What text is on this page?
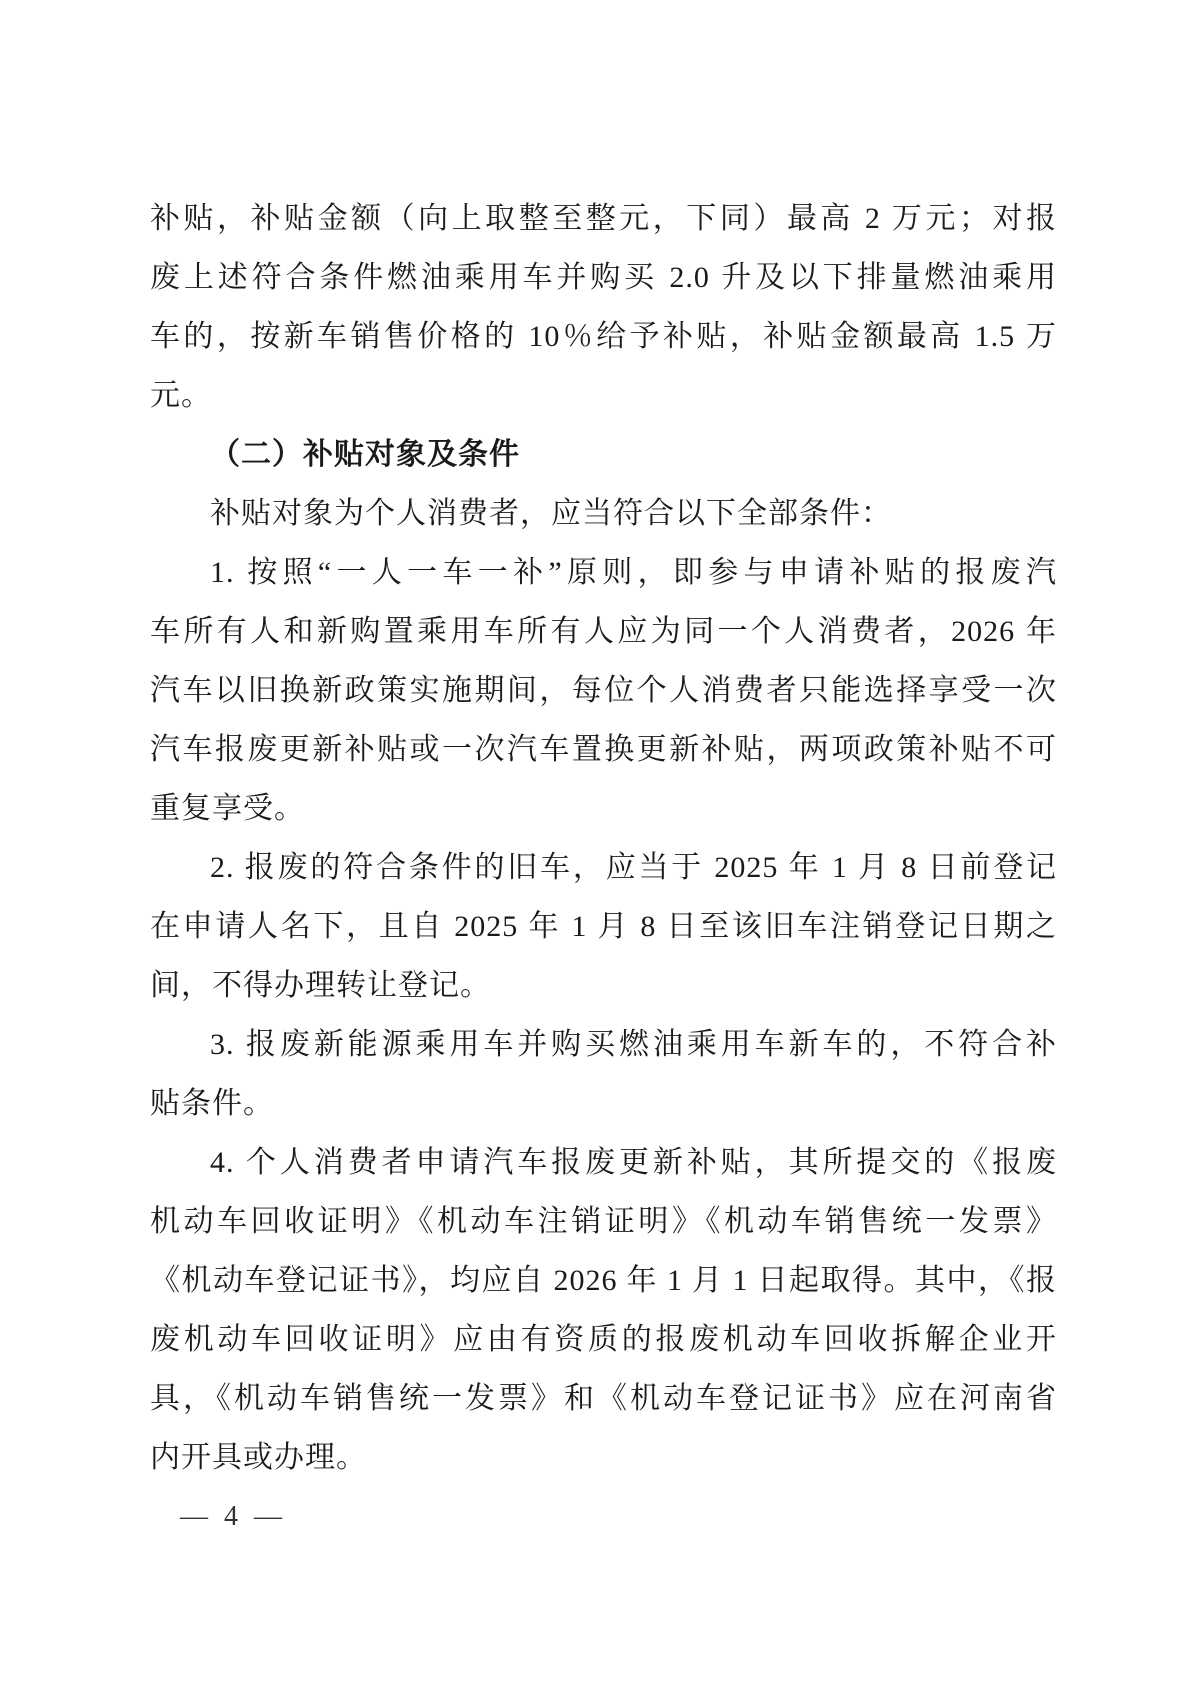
补贴，补贴金额（向上取整至整元，下同）最高 2 万元；对报

废上述符合条件燃油乘用车并购买 2.0 升及以下排量燃油乘用

车的，按新车销售价格的 10％给予补贴，补贴金额最高 1.5 万

元。

（二）补贴对象及条件

补贴对象为个人消费者，应当符合以下全部条件：

1. 按照“一人一车一补”原则，即参与申请补贴的报废汽

车所有人和新购置乘用车所有人应为同一个人消费者，2026 年

汽车以旧换新政策实施期间，每位个人消费者只能选择享受一次

汽车报废更新补贴或一次汽车置换更新补贴，两项政策补贴不可

重复享受。

2. 报废的符合条件的旧车，应当于 2025 年 1 月 8 日前登记

在申请人名下，且自 2025 年 1 月 8 日至该旧车注销登记日期之

间，不得办理转让登记。

3. 报废新能源乘用车并购买燃油乘用车新车的，不符合补

贴条件。

4. 个人消费者申请汽车报废更新补贴，其所提交的《报废

机动车回收证明》《机动车注销证明》《机动车销售统一发票》

《机动车登记证书》，均应自 2026 年 1 月 1 日起取得。其中，《报

废机动车回收证明》应由有资质的报废机动车回收拆解企业开

具，《机动车销售统一发票》和《机动车登记证书》应在河南省

内开具或办理。

— 4 —
